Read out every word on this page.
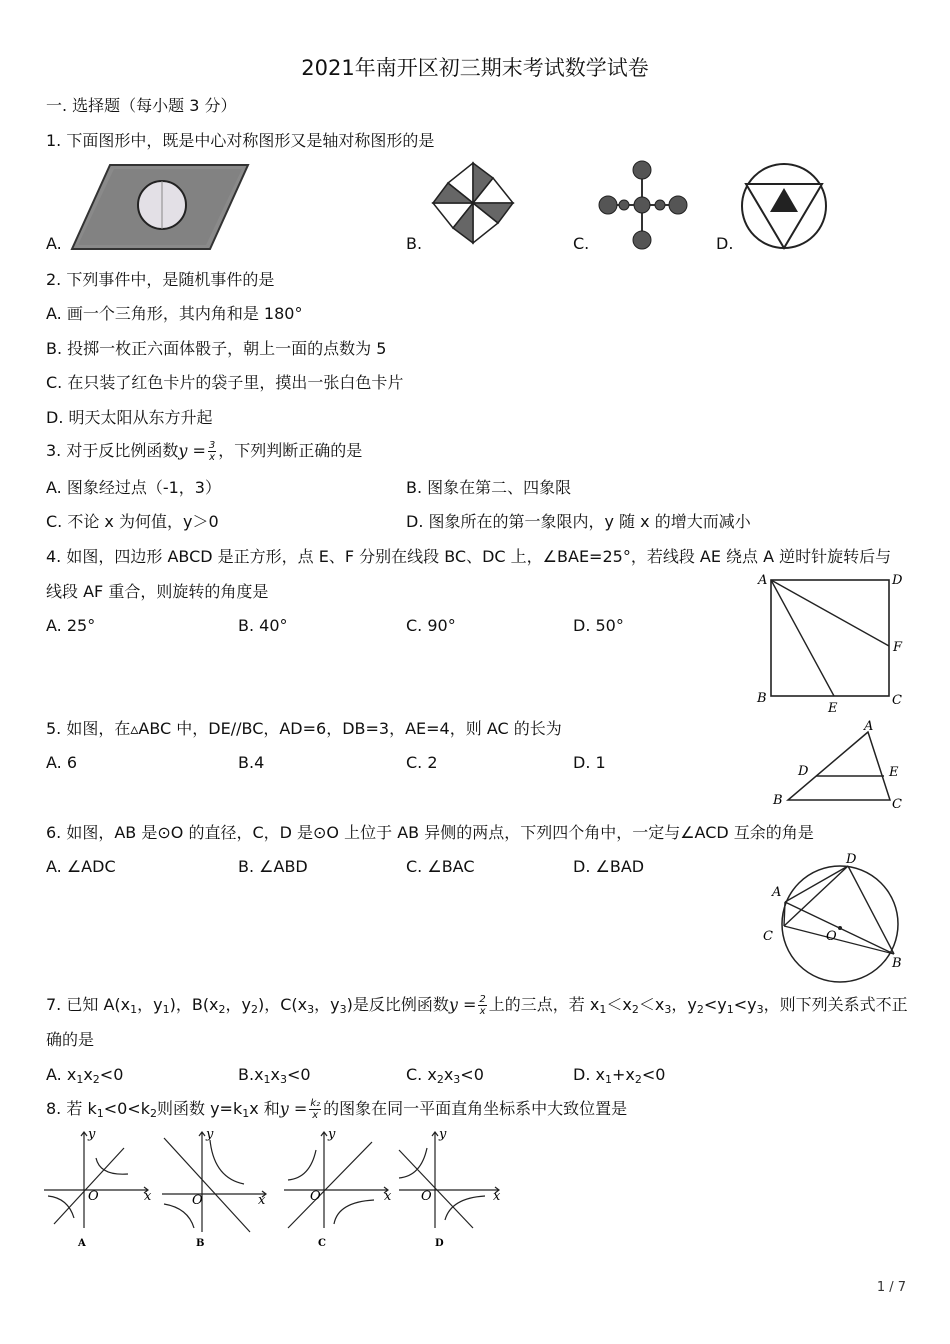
2021年南开区初三期末考试数学试卷
一. 选择题（每小题 3 分）
1. 下面图形中，既是中心对称图形又是轴对称图形的是
A.	B.	C.	D.
2. 下列事件中，是随机事件的是
A. 画一个三角形，其内角和是 180°
B. 投掷一枚正六面体骰子，朝上一面的点数为 5
C. 在只装了红色卡片的袋子里，摸出一张白色卡片
D. 明天太阳从东方升起
3. 对于反比例函数$y = \frac{3}{x}$ ，下列判断正确的是
A. 图象经过点（-1，3）	B. 图象在第二、四象限
C. 不论 x 为何值，y＞0	D. 图象所在的第一象限内，y 随 x 的增大而减小
4. 如图，四边形 ABCD 是正方形，点 E、F 分别在线段 BC、DC 上，∠BAE=25°，若线段 AE 绕点 A 逆时针旋转后与
线段 AF 重合，则旋转的角度是
A. 25°	B. 40°	C. 90°	D. 50°
A	D
F
B
E
C
5. 如图，在▵ABC 中，DE//BC，AD=6，DB=3，AE=4，则 AC 的长为
A. 6	B.4	C. 2	D. 1
A
D	E
B	C
6. 如图，AB 是⊙O 的直径，C，D 是⊙O 上位于 AB 异侧的两点，下列四个角中，一定与∠ACD 互余的角是
A. ∠ADC	B. ∠ABD	C. ∠BAC	D. ∠BAD	D
A
C	O
B
7. 已知 $A(x_1$，$y_1$)，$B(x_2$，$y_2$)，$C(x_3$，$y_3$)是反比例函数$y = \frac{2}{x}$ 上的三点，若 $x_1<x_2<x_3$，$y_2<y_1<y_3$，则下列关系式不正
确的是
A. $x_1x_2<0$	$B.x_1x_3<0$	C. $x_2x_3<0$	D. $x_1+x_2<0$
8. 若 $k_1<0<k_2$则函数 $y=k_1x$ 和$y = \frac{\text{k₂}}{x}$ 的图象在同一平面直角坐标系中大致位置是
y
x
O
A
y
x
O
B
y
x
O
C
y
x
O
D
1 / 7
